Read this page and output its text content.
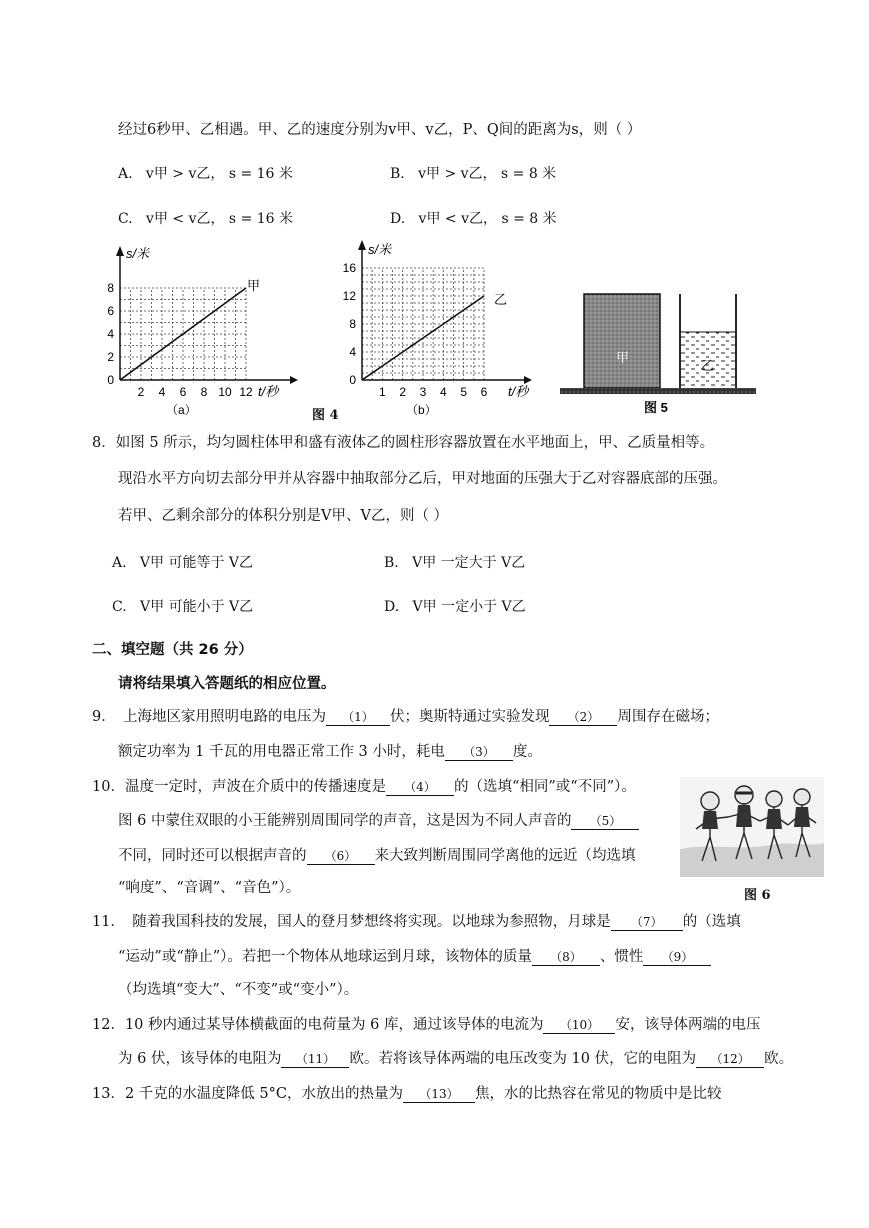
经过6秒甲、乙相遇。甲、乙的速度分别为v甲、v乙，P、Q间的距离为s，则（ ）
A. v甲 > v乙， s = 16 米	B. v甲 > v乙， s = 8 米
C. v甲 < v乙， s = 16 米	D. v甲 < v乙， s = 8 米
s/米
t/秒
甲
8
6
4
2
0
2 4 6 8 10 12
（a）	图 4
s/米
t/秒
乙
16
12
8
4
0
1 2 3 4 5 6
（b）
甲
乙
图 5
8．如图 5 所示，均匀圆柱体甲和盛有液体乙的圆柱形容器放置在水平地面上，甲、乙质量相等。
现沿水平方向切去部分甲并从容器中抽取部分乙后，甲对地面的压强大于乙对容器底部的压强。
若甲、乙剩余部分的体积分别是V甲、V乙，则（ ）
A. V甲 可能等于 V乙	B. V甲 一定大于 V乙
C. V甲 可能小于 V乙	D. V甲 一定小于 V乙
二、填空题（共 26 分）
请将结果填入答题纸的相应位置。
9．　上海地区家用照明电路的电压为 （1） 伏；奥斯特通过实验发现 （2） 周围存在磁场；
额定功率为 1 千瓦的用电器正常工作 3 小时，耗电 （3） 度。
10．温度一定时，声波在介质中的传播速度是 （4） 的（选填“相同”或“不同”）。
图 6 中蒙住双眼的小王能辨别周围同学的声音，这是因为不同人声音的 （5）
不同，同时还可以根据声音的 （6） 来大致判断周围同学离他的远近（均选填
“响度”、“音调”、“音色”）。	图 6
11．　随着我国科技的发展，国人的登月梦想终将实现。以地球为参照物，月球是 （7） 的（选填
“运动”或“静止”）。若把一个物体从地球运到月球，该物体的质量 （8） 、惯性 （9）
（均选填“变大”、“不变”或“变小”）。
12．10 秒内通过某导体横截面的电荷量为 6 库，通过该导体的电流为 （10） 安，该导体两端的电压
为 6 伏，该导体的电阻为 （11） 欧。若将该导体两端的电压改变为 10 伏，它的电阻为 （12） 欧。
13．2 千克的水温度降低 5°C，水放出的热量为 （13） 焦，水的比热容在常见的物质中是比较
